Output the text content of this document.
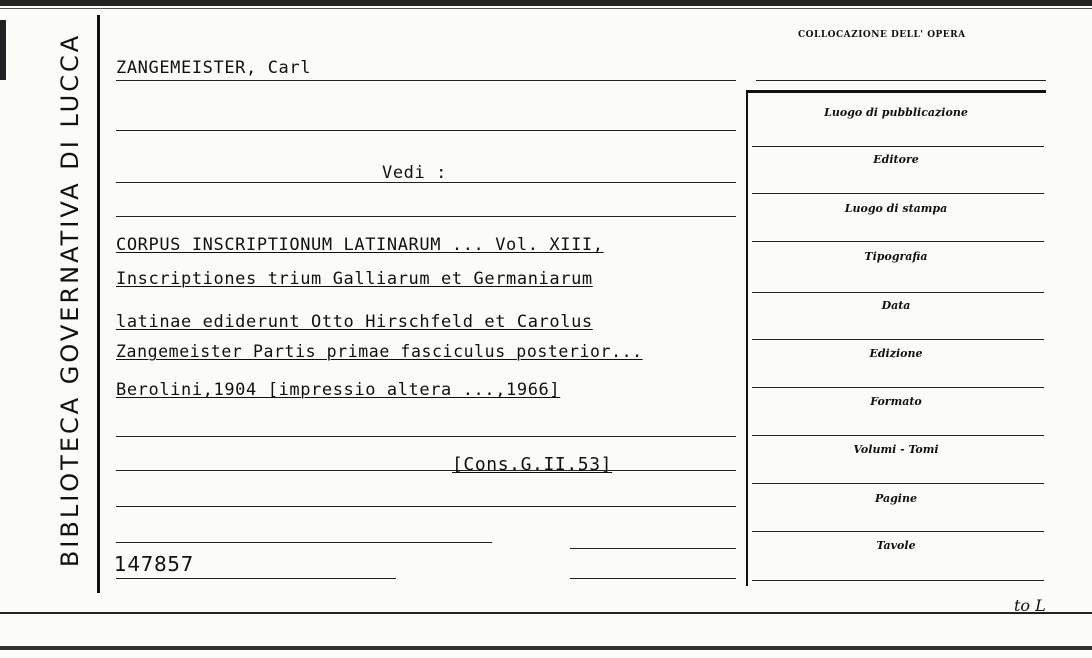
BIBLIOTECA GOVERNATIVA DI LUCCA	COLLOCAZIONE DELL' OPERA
ZANGEMEISTER, Carl
Vedi :
CORPUS INSCRIPTIONUM LATINARUM ... Vol. XIII,
Inscriptiones trium Galliarum et Germaniarum
latinae ediderunt Otto Hirschfeld et Carolus
Zangemeister Partis primae fasciculus posterior...
Berolini,1904 [impressio altera ...,1966]
[Cons.G.II.53]
147857
Luogo di pubblicazione
Editore
Luogo di stampa
Tipografia
Data
Edizione
Formato
Volumi - Tomi
Pagine
Tavole
to L
